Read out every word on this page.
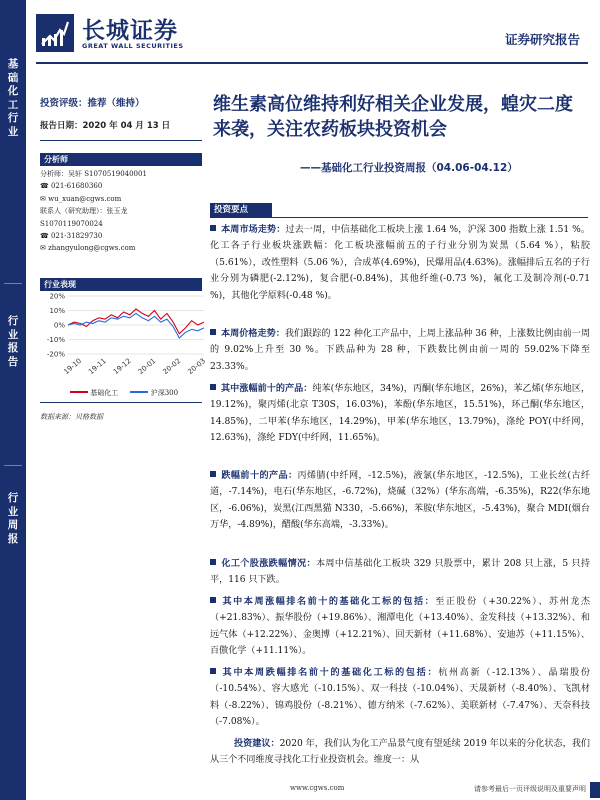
基
础
化
工
行
业
行
业
报
告
行
业
周
报
长城证券
GREAT WALL SECURITIES	证券研究报告
投资评级：推荐（维持）
报告日期：2020 年 04 月 13 日
分析师
分析师：吴轩 S1070519040001
☎ 021-61680360
✉ wu_xuan@cgws.com
联系人（研究助理）：张玉龙
S1070119070024
☎ 021-31829730
✉ zhangyulong@cgws.com
行业表现
20%
10%
0%
-10%
-20%
19-10 19-11 19-12 20-01 20-02 20-03
基础化工	沪深300
数据来源：贝格数据
维生素高位维持利好相关企业发展，蝗灾二度来袭，关注农药板块投资机会
——基础化工行业投资周报（04.06-04.12）
投资要点
本周市场走势：过去一周，中信基础化工板块上涨 1.64 %，沪深 300 指数上涨 1.51 %。化工各子行业板块涨跌幅：化工板块涨幅前五的子行业分别为炭黑（5.64 %），粘胶（5.61%），改性塑料（5.06 %），合成革(4.69%)，民爆用品(4.63%)。涨幅排后五名的子行业分别为磷肥(-2.12%)，复合肥(-0.84%)，其他纤维(-0.73 %)，氟化工及制冷剂(-0.71 %)，其他化学原料(-0.48 %)。
本周价格走势：我们跟踪的 122 种化工产品中，上周上涨品种 36 种，上涨数比例由前一周的 9.02%上升至 30 %。下跌品种为 28 种，下跌数比例由前一周的 59.02%下降至 23.33%。
其中涨幅前十的产品：纯苯(华东地区，34%)，丙酮(华东地区，26%)，苯乙烯(华东地区，19.12%)，聚丙烯(北京 T30S，16.03%)，苯酚(华东地区，15.51%)，环己酮(华东地区，14.85%)，二甲苯(华东地区，14.29%)，甲苯(华东地区，13.79%)，涤纶 POY(中纤网，12.63%)，涤纶 FDY(中纤网，11.65%)。
跌幅前十的产品：丙烯腈(中纤网，-12.5%)，液氯(华东地区，-12.5%)，工业长丝(古纤道，-7.14%)，电石(华东地区，-6.72%)，烧碱（32%）(华东高端，-6.35%)，R22(华东地区，-6.06%)，炭黑(江西黑猫 N330，-5.66%)，苯胺(华东地区，-5.43%)，聚合 MDI(烟台万华，-4.89%)，醋酸(华东高端，-3.33%)。
化工个股涨跌幅情况：本周中信基础化工板块 329 只股票中，累计 208 只上涨，5 只持平，116 只下跌。
其中本周涨幅排名前十的基础化工标的包括：至正股份（+30.22%）、苏州龙杰（+21.83%）、振华股份（+19.86%）、湘潭电化（+13.40%）、金发科技（+13.32%）、和远气体（+12.22%）、金奥博（+12.21%）、回天新材（+11.68%）、安迪苏（+11.15%）、百傲化学（+11.11%）。
其中本周跌幅排名前十的基础化工标的包括：杭州高新（-12.13%）、晶瑞股份（-10.54%）、容大感光（-10.15%）、双一科技（-10.04%）、天晟新材（-8.40%）、飞凯材料（-8.22%）、锦鸡股份（-8.21%）、德方纳米（-7.62%）、美联新材（-7.47%）、天奈科技（-7.08%）。
投资建议：2020 年，我们认为化工产品景气度有望延续 2019 年以来的分化状态，我们从三个不同维度寻找化工行业投资机会。维度一：从
www.cgws.com	请参考最后一页评级说明及重要声明
